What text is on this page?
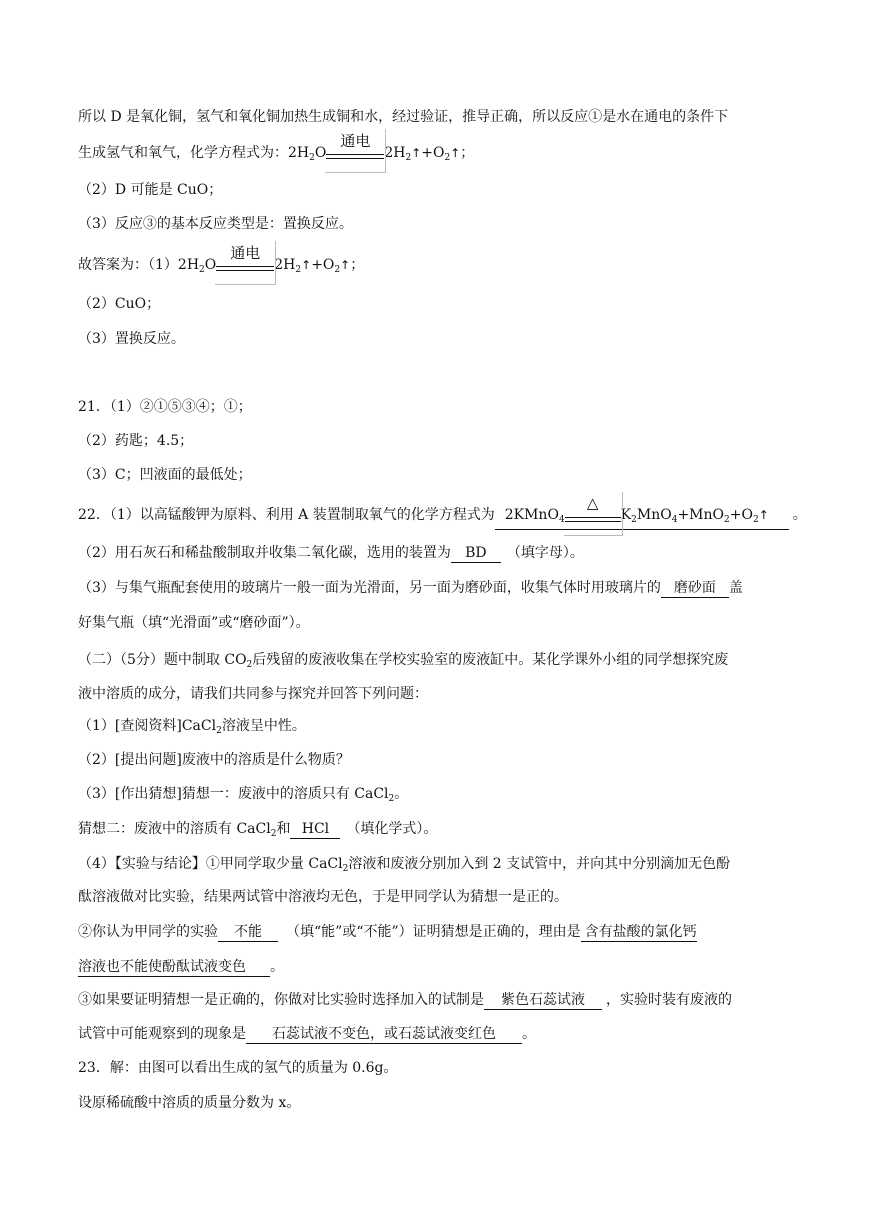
所以 D 是氧化铜，氢气和氧化铜加热生成铜和水，经过验证，推导正确，所以反应①是水在通电的条件下
生成氢气和氧气，化学方程式为：$2H_2O$
通电
$2H_2↑+O_2↑$；
（2）D 可能是 CuO；
（3）反应③的基本反应类型是：置换反应。
故答案为：$(1)2H_2O$
通电
$2H_2↑+O_2↑$；
（2）CuO；
（3）置换反应。
21．（1）②①⑤③④；①；
（2）药匙；4.5；
（3）C；凹液面的最低处；
22．（1）以高锰酸钾为原料、利用 A 装置制取氧气的化学方程式为 2KMnO$_4$
△
$K_2MnO_4+MnO_2+O_2↑$ 。
（2）用石灰石和稀盐酸制取并收集二氧化碳，选用的装置为 BD （填字母）。
（3）与集气瓶配套使用的玻璃片一般一面为光滑面，另一面为磨砂面，收集气体时用玻璃片的 磨砂面 盖
好集气瓶（填“光滑面”或“磨砂面”）。
（二）（5分）题中制取 $CO_2$后残留的废液收集在学校实验室的废液缸中。某化学课外小组的同学想探究废
液中溶质的成分，请我们共同参与探究并回答下列问题：
（1）[查阅资料]CaCl$_2$溶液呈中性。
（2）[提出问题]废液中的溶质是什么物质？
（3）[作出猜想]猜想一：废液中的溶质只有 CaCl$_2$。
猜想二：废液中的溶质有 CaCl$_2$和 HCl （填化学式）。
（4）【实验与结论】①甲同学取少量 CaCl$_2$溶液和废液分别加入到 2 支试管中，并向其中分别滴加无色酚
酞溶液做对比实验，结果两试管中溶液均无色，于是甲同学认为猜想一是正的。
②你认为甲同学的实验 不能 （填“能”或“不能”）证明猜想是正确的，理由是 含有盐酸的氯化钙
溶液也不能使酚酞试液变色 。
③如果要证明猜想一是正确的，你做对比实验时选择加入的试制是 紫色石蕊试液 ，实验时装有废液的
试管中可能观察到的现象是 石蕊试液不变色，或石蕊试液变红色 。
23．解：由图可以看出生成的氢气的质量为 0.6g。
设原稀硫酸中溶质的质量分数为 x。
